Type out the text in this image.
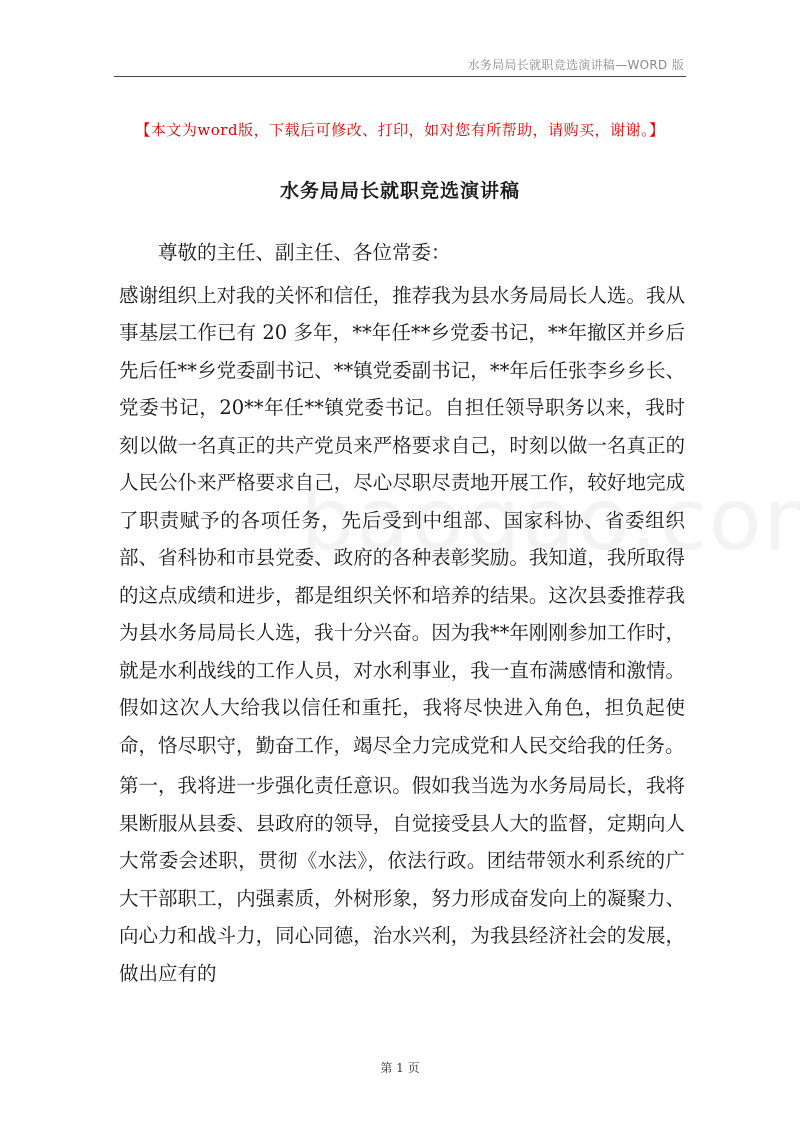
水务局局长就职竞选演讲稿—WORD 版
【本文为word版，下载后可修改、打印，如对您有所帮助，请购买，谢谢。】
水务局局长就职竞选演讲稿

尊敬的主任、副主任、各位常委：

感谢组织上对我的关怀和信任，推荐我为县水务局局长人选。我从事基层工作已有 20 多年，**年任**乡党委书记，**年撤区并乡后先后任**乡党委副书记、**镇党委副书记，**年后任张李乡乡长、党委书记，20**年任**镇党委书记。自担任领导职务以来，我时刻以做一名真正的共产党员来严格要求自己，时刻以做一名真正的人民公仆来严格要求自己，尽心尽职尽责地开展工作，较好地完成了职责赋予的各项任务，先后受到中组部、国家科协、省委组织部、省科协和市县党委、政府的各种表彰奖励。我知道，我所取得的这点成绩和进步，都是组织关怀和培养的结果。这次县委推荐我为县水务局局长人选，我十分兴奋。因为我**年刚刚参加工作时，就是水利战线的工作人员，对水利事业，我一直布满感情和激情。假如这次人大给我以信任和重托，我将尽快进入角色，担负起使命，恪尽职守，勤奋工作，竭尽全力完成党和人民交给我的任务。

第一，我将进一步强化责任意识。假如我当选为水务局局长，我将果断服从县委、县政府的领导，自觉接受县人大的监督，定期向人大常委会述职，贯彻《水法》，依法行政。团结带领水利系统的广大干部职工，内强素质，外树形象，努力形成奋发向上的凝聚力、向心力和战斗力，同心同德，治水兴利，为我县经济社会的发展，做出应有的

第 1 页
